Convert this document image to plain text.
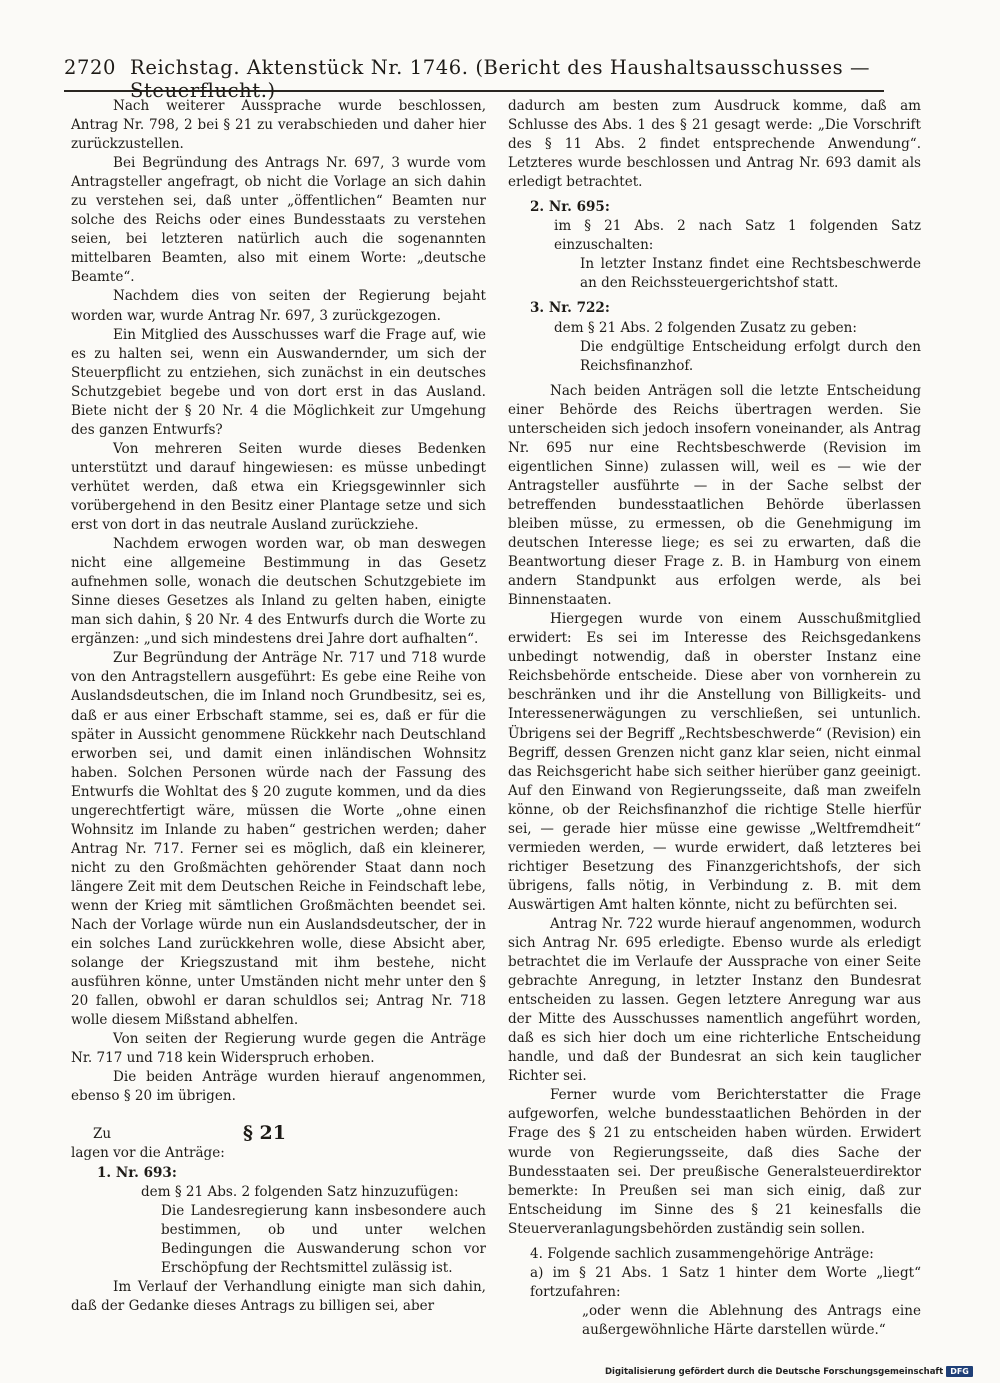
2720 Reichstag. Aktenstück Nr. 1746. (Bericht des Haushaltsausschusses — Steuerflucht.)

Nach weiterer Aussprache wurde beschlossen, Antrag Nr. 798, 2 bei § 21 zu verabschieden und daher hier zurückzustellen.

Bei Begründung des Antrags Nr. 697, 3 wurde vom Antragsteller angefragt, ob nicht die Vorlage an sich dahin zu verstehen sei, daß unter „öffentlichen“ Beamten nur solche des Reichs oder eines Bundesstaats zu verstehen seien, bei letzteren natürlich auch die sogenannten mittelbaren Beamten, also mit einem Worte: „deutsche Beamte“.

Nachdem dies von seiten der Regierung bejaht worden war, wurde Antrag Nr. 697, 3 zurückgezogen.

Ein Mitglied des Ausschusses warf die Frage auf, wie es zu halten sei, wenn ein Auswandernder, um sich der Steuerpflicht zu entziehen, sich zunächst in ein deutsches Schutzgebiet begebe und von dort erst in das Ausland. Biete nicht der § 20 Nr. 4 die Möglichkeit zur Umgehung des ganzen Entwurfs?

Von mehreren Seiten wurde dieses Bedenken unterstützt und darauf hingewiesen: es müsse unbedingt verhütet werden, daß etwa ein Kriegsgewinnler sich vorübergehend in den Besitz einer Plantage setze und sich erst von dort in das neutrale Ausland zurückziehe.

Nachdem erwogen worden war, ob man deswegen nicht eine allgemeine Bestimmung in das Gesetz aufnehmen solle, wonach die deutschen Schutzgebiete im Sinne dieses Gesetzes als Inland zu gelten haben, einigte man sich dahin, § 20 Nr. 4 des Entwurfs durch die Worte zu ergänzen: „und sich mindestens drei Jahre dort aufhalten“.

Zur Begründung der Anträge Nr. 717 und 718 wurde von den Antragstellern ausgeführt: Es gebe eine Reihe von Auslandsdeutschen, die im Inland noch Grundbesitz, sei es, daß er aus einer Erbschaft stamme, sei es, daß er für die später in Aussicht genommene Rückkehr nach Deutschland erworben sei, und damit einen inländischen Wohnsitz haben. Solchen Personen würde nach der Fassung des Entwurfs die Wohltat des § 20 zugute kommen, und da dies ungerechtfertigt wäre, müssen die Worte „ohne einen Wohnsitz im Inlande zu haben“ gestrichen werden; daher Antrag Nr. 717. Ferner sei es möglich, daß ein kleinerer, nicht zu den Großmächten gehörender Staat dann noch längere Zeit mit dem Deutschen Reiche in Feindschaft lebe, wenn der Krieg mit sämtlichen Großmächten beendet sei. Nach der Vorlage würde nun ein Auslandsdeutscher, der in ein solches Land zurückkehren wolle, diese Absicht aber, solange der Kriegszustand mit ihm bestehe, nicht ausführen könne, unter Umständen nicht mehr unter den § 20 fallen, obwohl er daran schuldlos sei; Antrag Nr. 718 wolle diesem Mißstand abhelfen.

Von seiten der Regierung wurde gegen die Anträge Nr. 717 und 718 kein Widerspruch erhoben.

Die beiden Anträge wurden hierauf angenommen, ebenso § 20 im übrigen.

Zu	§ 21

lagen vor die Anträge:

1. Nr. 693:

dem § 21 Abs. 2 folgenden Satz hinzuzufügen:

Die Landesregierung kann insbesondere auch bestimmen, ob und unter welchen Bedingungen die Auswanderung schon vor Erschöpfung der Rechtsmittel zulässig ist.

Im Verlauf der Verhandlung einigte man sich dahin, daß der Gedanke dieses Antrags zu billigen sei, aber

dadurch am besten zum Ausdruck komme, daß am Schlusse des Abs. 1 des § 21 gesagt werde: „Die Vorschrift des § 11 Abs. 2 findet entsprechende Anwendung“. Letzteres wurde beschlossen und Antrag Nr. 693 damit als erledigt betrachtet.

2. Nr. 695:

im § 21 Abs. 2 nach Satz 1 folgenden Satz einzuschalten:

In letzter Instanz findet eine Rechtsbeschwerde an den Reichssteuergerichtshof statt.

3. Nr. 722:

dem § 21 Abs. 2 folgenden Zusatz zu geben:

Die endgültige Entscheidung erfolgt durch den Reichsfinanzhof.

Nach beiden Anträgen soll die letzte Entscheidung einer Behörde des Reichs übertragen werden. Sie unterscheiden sich jedoch insofern voneinander, als Antrag Nr. 695 nur eine Rechtsbeschwerde (Revision im eigentlichen Sinne) zulassen will, weil es — wie der Antragsteller ausführte — in der Sache selbst der betreffenden bundesstaatlichen Behörde überlassen bleiben müsse, zu ermessen, ob die Genehmigung im deutschen Interesse liege; es sei zu erwarten, daß die Beantwortung dieser Frage z. B. in Hamburg von einem andern Standpunkt aus erfolgen werde, als bei Binnenstaaten.

Hiergegen wurde von einem Ausschußmitglied erwidert: Es sei im Interesse des Reichsgedankens unbedingt notwendig, daß in oberster Instanz eine Reichsbehörde entscheide. Diese aber von vornherein zu beschränken und ihr die Anstellung von Billigkeits- und Interessenerwägungen zu verschließen, sei untunlich. Übrigens sei der Begriff „Rechtsbeschwerde“ (Revision) ein Begriff, dessen Grenzen nicht ganz klar seien, nicht einmal das Reichsgericht habe sich seither hierüber ganz geeinigt. Auf den Einwand von Regierungsseite, daß man zweifeln könne, ob der Reichsfinanzhof die richtige Stelle hierfür sei, — gerade hier müsse eine gewisse „Weltfremdheit“ vermieden werden, — wurde erwidert, daß letzteres bei richtiger Besetzung des Finanzgerichtshofs, der sich übrigens, falls nötig, in Verbindung z. B. mit dem Auswärtigen Amt halten könnte, nicht zu befürchten sei.

Antrag Nr. 722 wurde hierauf angenommen, wodurch sich Antrag Nr. 695 erledigte. Ebenso wurde als erledigt betrachtet die im Verlaufe der Aussprache von einer Seite gebrachte Anregung, in letzter Instanz den Bundesrat entscheiden zu lassen. Gegen letztere Anregung war aus der Mitte des Ausschusses namentlich angeführt worden, daß es sich hier doch um eine richterliche Entscheidung handle, und daß der Bundesrat an sich kein tauglicher Richter sei.

Ferner wurde vom Berichterstatter die Frage aufgeworfen, welche bundesstaatlichen Behörden in der Frage des § 21 zu entscheiden haben würden. Erwidert wurde von Regierungsseite, daß dies Sache der Bundesstaaten sei. Der preußische Generalsteuerdirektor bemerkte: In Preußen sei man sich einig, daß zur Entscheidung im Sinne des § 21 keinesfalls die Steuerveranlagungsbehörden zuständig sein sollen.

4. Folgende sachlich zusammengehörige Anträge:

a) im § 21 Abs. 1 Satz 1 hinter dem Worte „liegt“ fortzufahren:

„oder wenn die Ablehnung des Antrags eine außergewöhnliche Härte darstellen würde.“

Digitalisierung gefördert durch die Deutsche Forschungsgemeinschaft DFG
